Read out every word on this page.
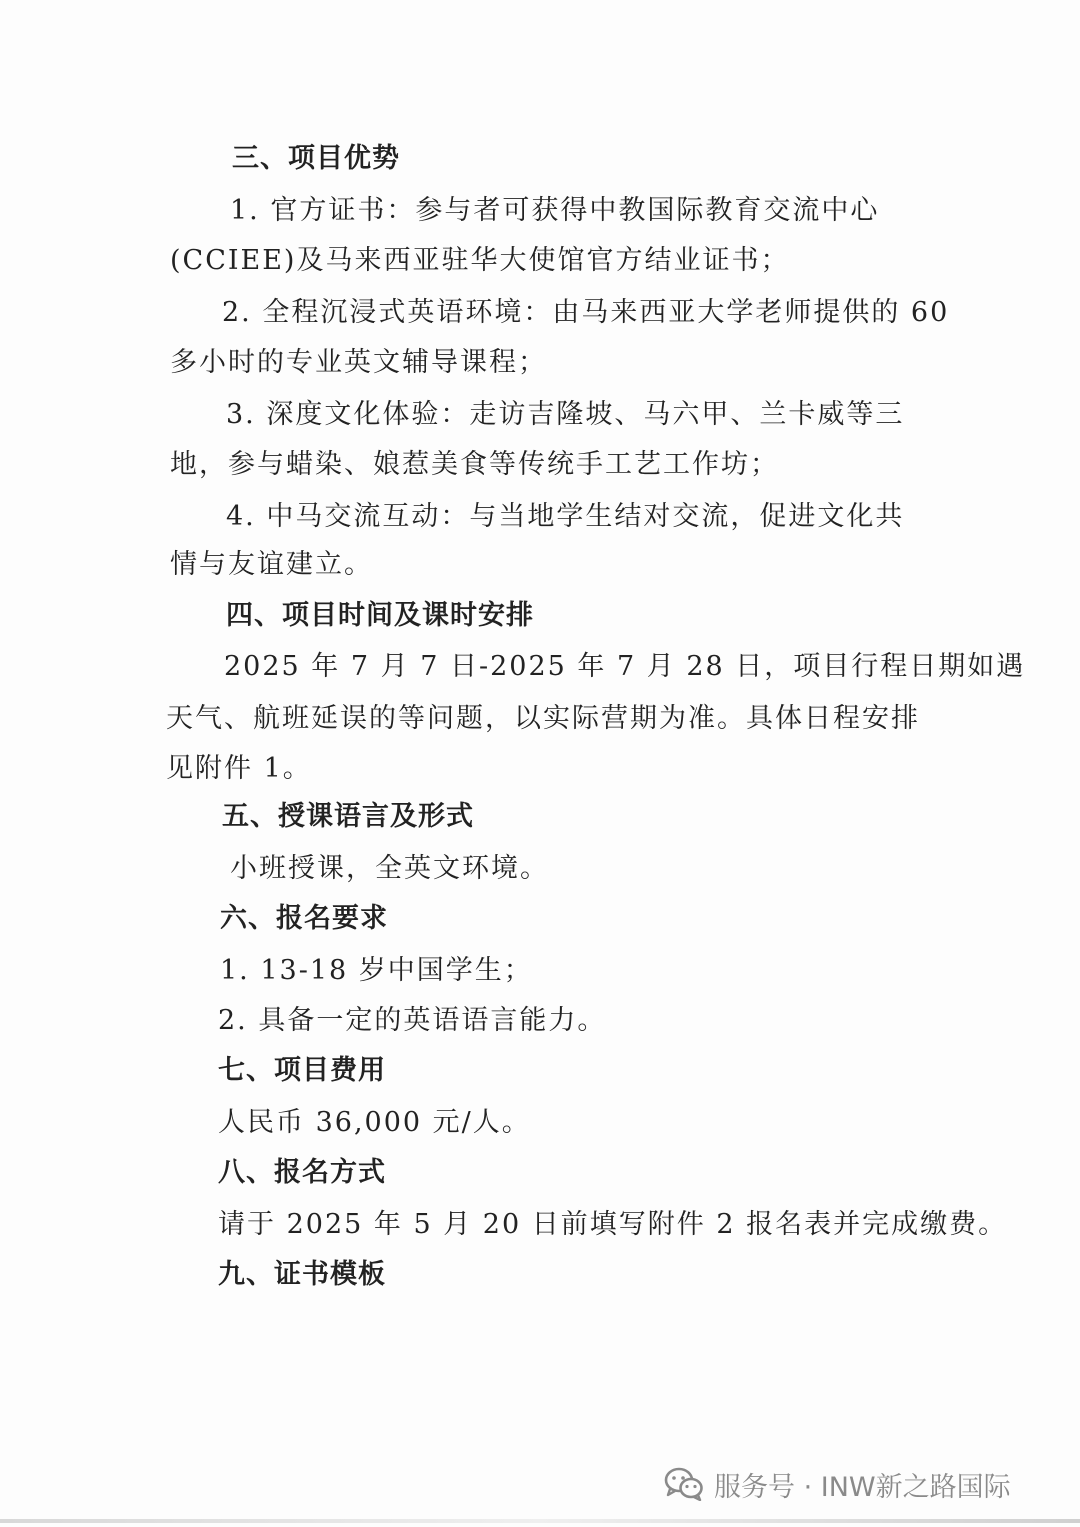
三、项目优势
1. 官方证书：参与者可获得中教国际教育交流中心
(CCIEE)及马来西亚驻华大使馆官方结业证书；
2. 全程沉浸式英语环境：由马来西亚大学老师提供的 60
多小时的专业英文辅导课程；
3. 深度文化体验：走访吉隆坡、马六甲、兰卡威等三
地，参与蜡染、娘惹美食等传统手工艺工作坊；
4. 中马交流互动：与当地学生结对交流，促进文化共
情与友谊建立。
四、项目时间及课时安排
2025 年 7 月 7 日-2025 年 7 月 28 日，项目行程日期如遇
天气、航班延误的等问题，以实际营期为准。具体日程安排
见附件 1。
五、授课语言及形式
小班授课，全英文环境。
六、报名要求
1. 13-18 岁中国学生；
2. 具备一定的英语语言能力。
七、项目费用
人民币 36,000 元/人。
八、报名方式
请于 2025 年 5 月 20 日前填写附件 2 报名表并完成缴费。
九、证书模板
服务号 · INW新之路国际
